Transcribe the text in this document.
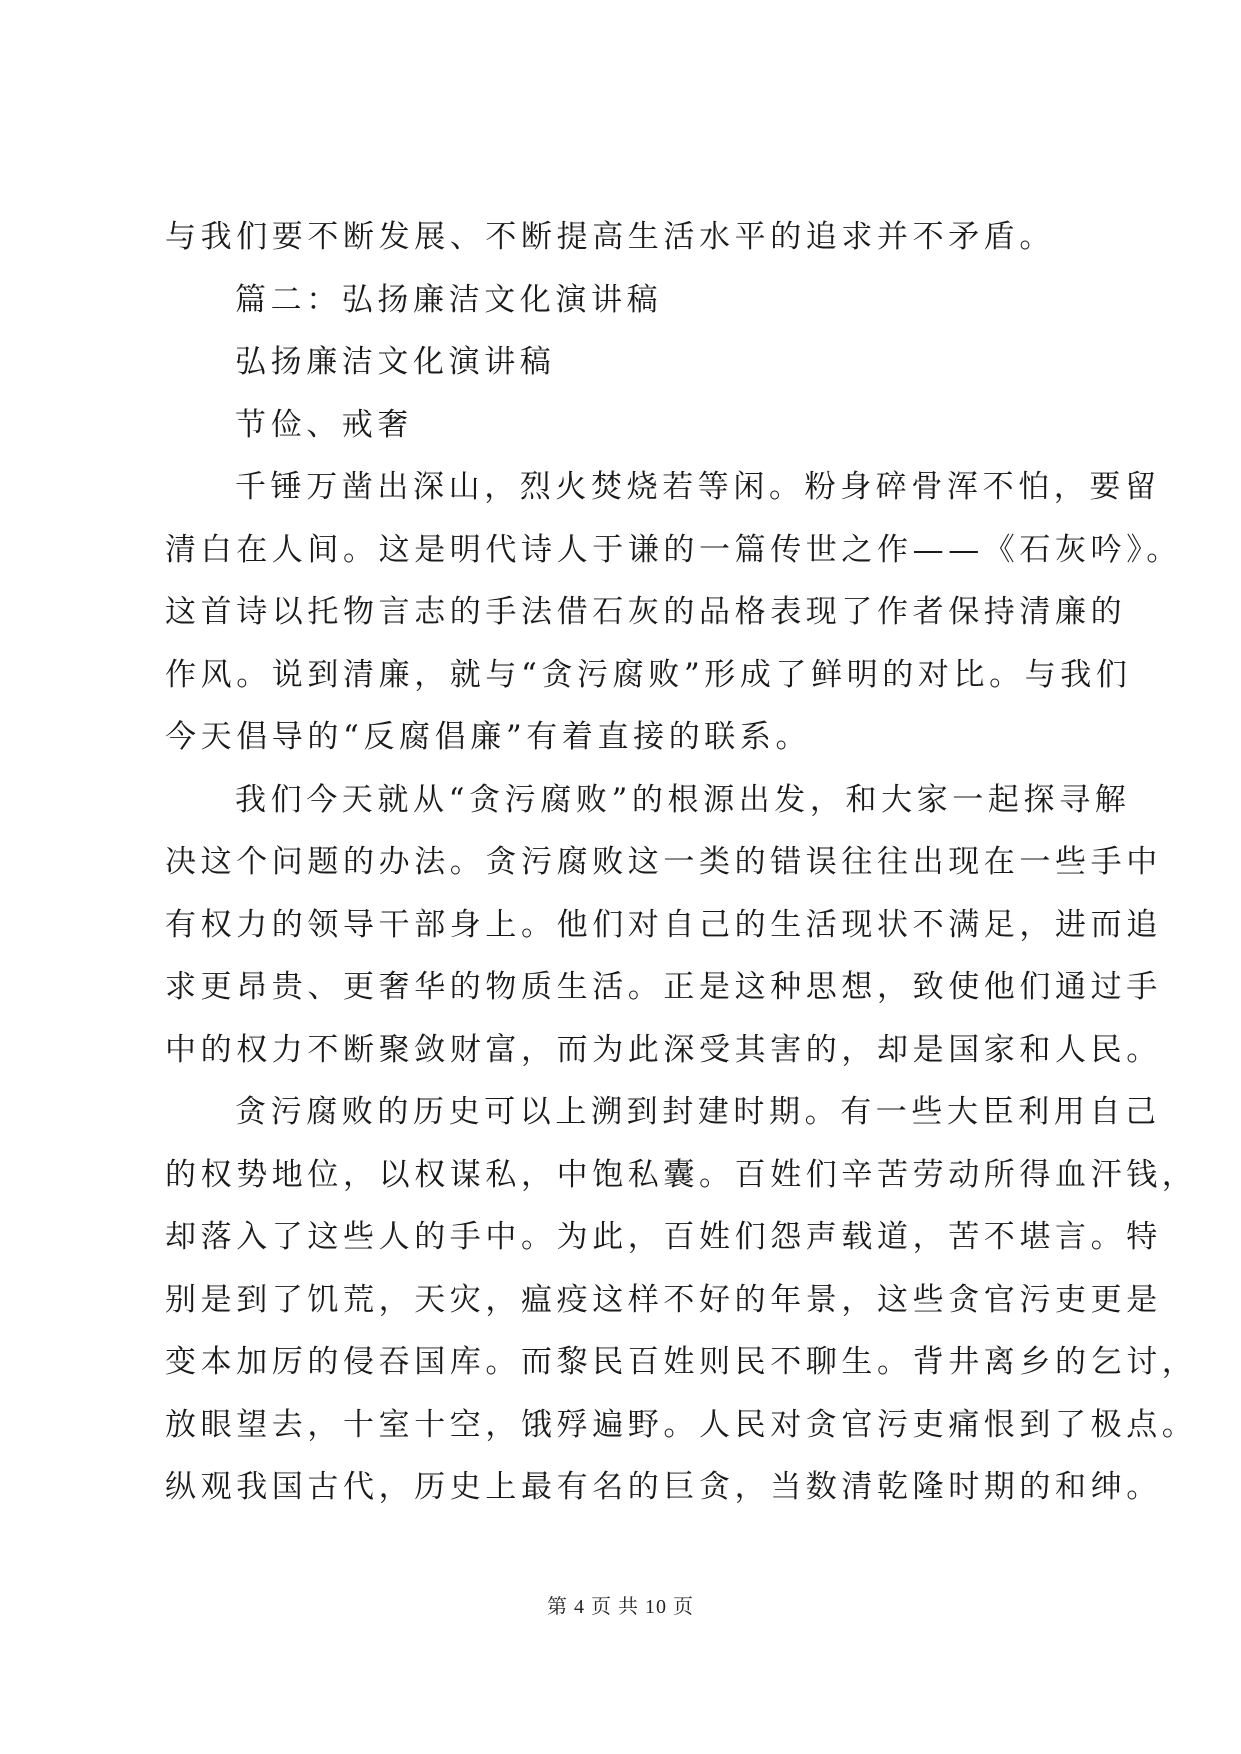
与我们要不断发展、不断提高生活水平的追求并不矛盾。
篇二：弘扬廉洁文化演讲稿
弘扬廉洁文化演讲稿
节俭、戒奢
千锤万凿出深山，烈火焚烧若等闲。粉身碎骨浑不怕，要留
清白在人间。这是明代诗人于谦的一篇传世之作——《石灰吟》。
这首诗以托物言志的手法借石灰的品格表现了作者保持清廉的
作风。说到清廉，就与“贪污腐败”形成了鲜明的对比。与我们
今天倡导的“反腐倡廉”有着直接的联系。
我们今天就从“贪污腐败”的根源出发，和大家一起探寻解
决这个问题的办法。贪污腐败这一类的错误往往出现在一些手中
有权力的领导干部身上。他们对自己的生活现状不满足，进而追
求更昂贵、更奢华的物质生活。正是这种思想，致使他们通过手
中的权力不断聚敛财富，而为此深受其害的，却是国家和人民。
贪污腐败的历史可以上溯到封建时期。有一些大臣利用自己
的权势地位，以权谋私，中饱私囊。百姓们辛苦劳动所得血汗钱，
却落入了这些人的手中。为此，百姓们怨声载道，苦不堪言。特
别是到了饥荒，天灾，瘟疫这样不好的年景，这些贪官污吏更是
变本加厉的侵吞国库。而黎民百姓则民不聊生。背井离乡的乞讨，
放眼望去，十室十空，饿殍遍野。人民对贪官污吏痛恨到了极点。
纵观我国古代，历史上最有名的巨贪，当数清乾隆时期的和绅。
第 4 页 共 10 页
